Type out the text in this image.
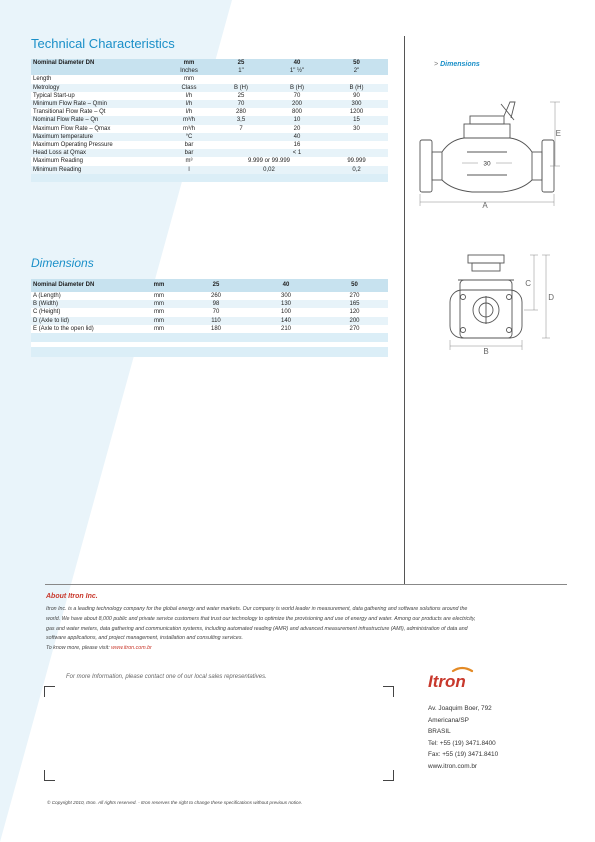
Technical Characteristics
Nominal Diameter DN	mm	25	40	50
	Inches	1"	1" ½"	2"
Length	mm			
Metrology	Class	B (H)	B (H)	B (H)
Typical Start-up	l/h	25	70	90
Minimum Flow Rate – Qmin	l/h	70	200	300
Transitional Flow Rate – Qt	l/h	280	800	1200
Nominal Flow Rate – Qn	m³/h	3,5	10	15
Maximum Flow Rate – Qmax	m³/h	7	20	30
Maximum temperature	°C		40	
Maximum Operating Pressure	bar		16	
Head Loss at Qmax	bar		< 1	
Maximum Reading	m³	9.999 or 99.999		99.999
Minimum Reading	l	0,02		0,2

Dimensions
Nominal Diameter DN	mm	25	40	50
A (Length)	mm	260	300	270
B (Width)	mm	98	130	165
C (Height)	mm	70	100	120
D (Axle to lid)	mm	110	140	200
E (Axle to the open lid)	mm	180	210	270

> Dimensions
A
E
30
B
C
D
About Itron Inc.
Itron Inc. is a leading technology company for the global energy and water markets. Our company is world leader in measurement, data gathering and software solutions around the
world. We have about 8,000 public and private service customers that trust our technology to optimize the provisioning and use of energy and water. Among our products are electricity,
gas and water meters, data gathering and communication systems, including automated reading (AMR) and advanced measurement infrastructure (AMI), administration of data and
software applications, and project management, installation and consulting services.
To know more, please visit: www.itron.com.br
For more Information, please contact one of our local sales representatives.	Itron
Av. Joaquim Boer, 792
Americana/SP
BRASIL
Tel: +55 (19) 3471.8400
Fax: +55 (19) 3471.8410
www.itron.com.br
© Copyright 2010, Itron. All rights reserved. - Itron reserves the right to change these specifications without previous notice.
